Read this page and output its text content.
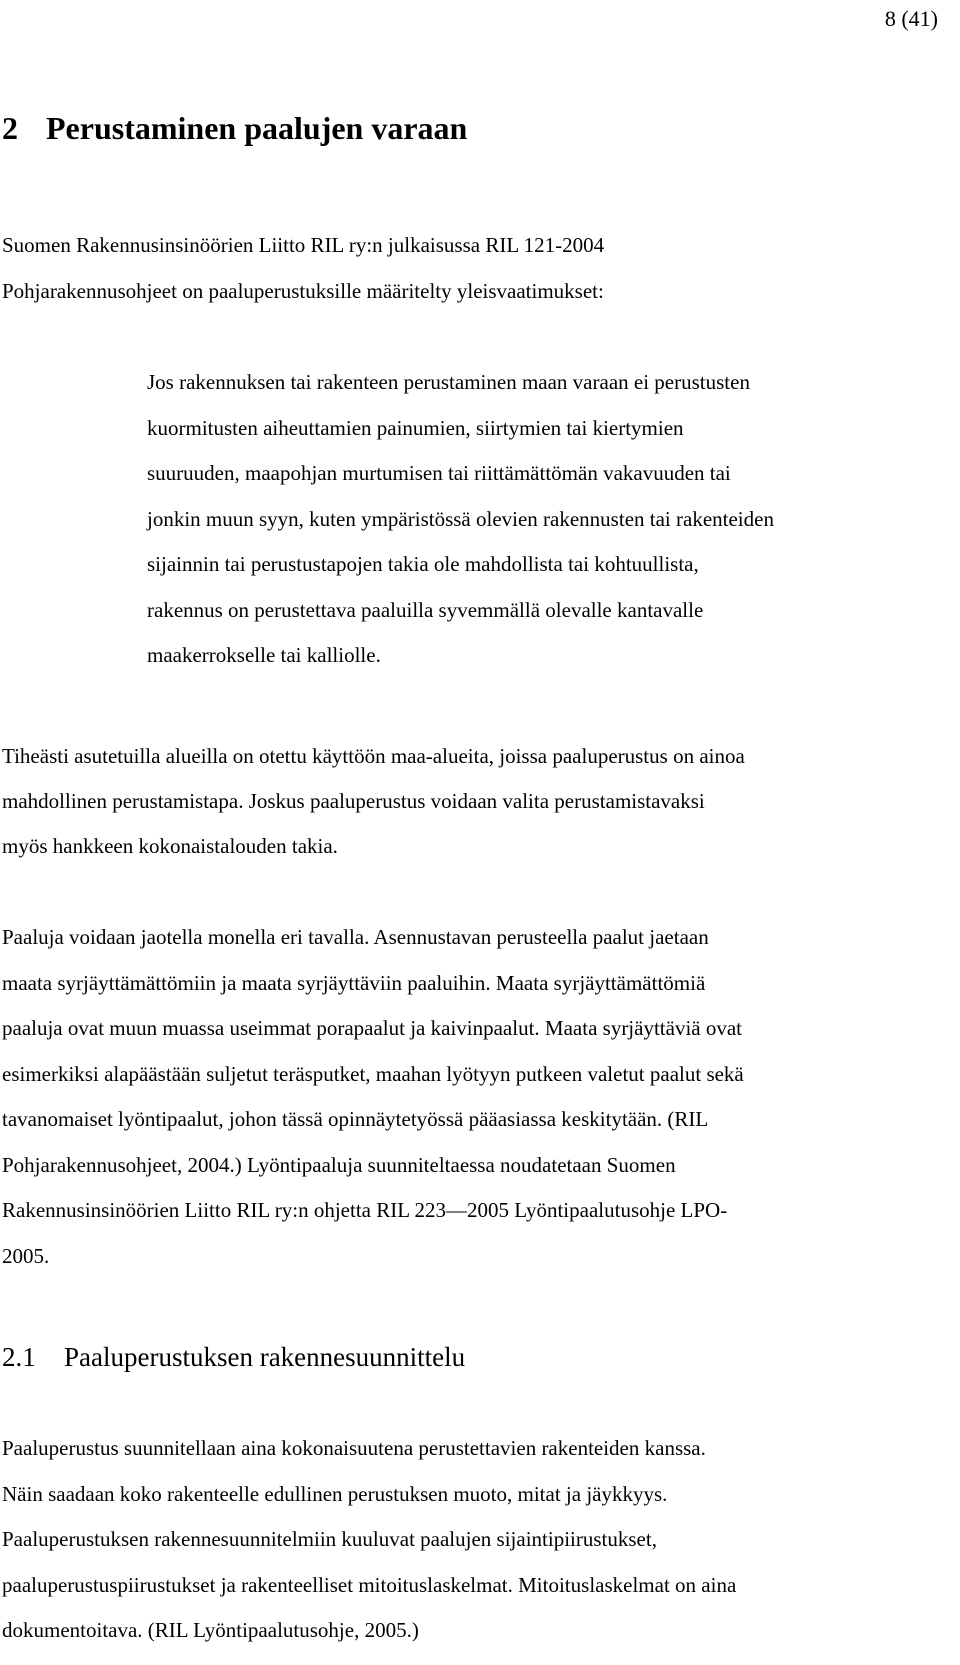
8 (41)
2 Perustaminen paalujen varaan

Suomen Rakennusinsinöörien Liitto RIL ry:n julkaisussa RIL 121-2004
Pohjarakennusohjeet on paaluperustuksille määritelty yleisvaatimukset:

Jos rakennuksen tai rakenteen perustaminen maan varaan ei perustusten
kuormitusten aiheuttamien painumien, siirtymien tai kiertymien
suuruuden, maapohjan murtumisen tai riittämättömän vakavuuden tai
jonkin muun syyn, kuten ympäristössä olevien rakennusten tai rakenteiden
sijainnin tai perustustapojen takia ole mahdollista tai kohtuullista,
rakennus on perustettava paaluilla syvemmällä olevalle kantavalle
maakerrokselle tai kalliolle.

Tiheästi asutetuilla alueilla on otettu käyttöön maa-alueita, joissa paaluperustus on ainoa
mahdollinen perustamistapa. Joskus paaluperustus voidaan valita perustamistavaksi
myös hankkeen kokonaistalouden takia.

Paaluja voidaan jaotella monella eri tavalla. Asennustavan perusteella paalut jaetaan
maata syrjäyttämättömiin ja maata syrjäyttäviin paaluihin. Maata syrjäyttämättömiä
paaluja ovat muun muassa useimmat porapaalut ja kaivinpaalut. Maata syrjäyttäviä ovat
esimerkiksi alapäästään suljetut teräsputket, maahan lyötyyn putkeen valetut paalut sekä
tavanomaiset lyöntipaalut, johon tässä opinnäytetyössä pääasiassa keskitytään. (RIL
Pohjarakennusohjeet, 2004.) Lyöntipaaluja suunniteltaessa noudatetaan Suomen
Rakennusinsinöörien Liitto RIL ry:n ohjetta RIL 223—2005 Lyöntipaalutusohje LPO-
2005.

2.1 Paaluperustuksen rakennesuunnittelu

Paaluperustus suunnitellaan aina kokonaisuutena perustettavien rakenteiden kanssa.
Näin saadaan koko rakenteelle edullinen perustuksen muoto, mitat ja jäykkyys.
Paaluperustuksen rakennesuunnitelmiin kuuluvat paalujen sijaintipiirustukset,
paaluperustuspiirustukset ja rakenteelliset mitoituslaskelmat. Mitoituslaskelmat on aina
dokumentoitava. (RIL Lyöntipaalutusohje, 2005.)
